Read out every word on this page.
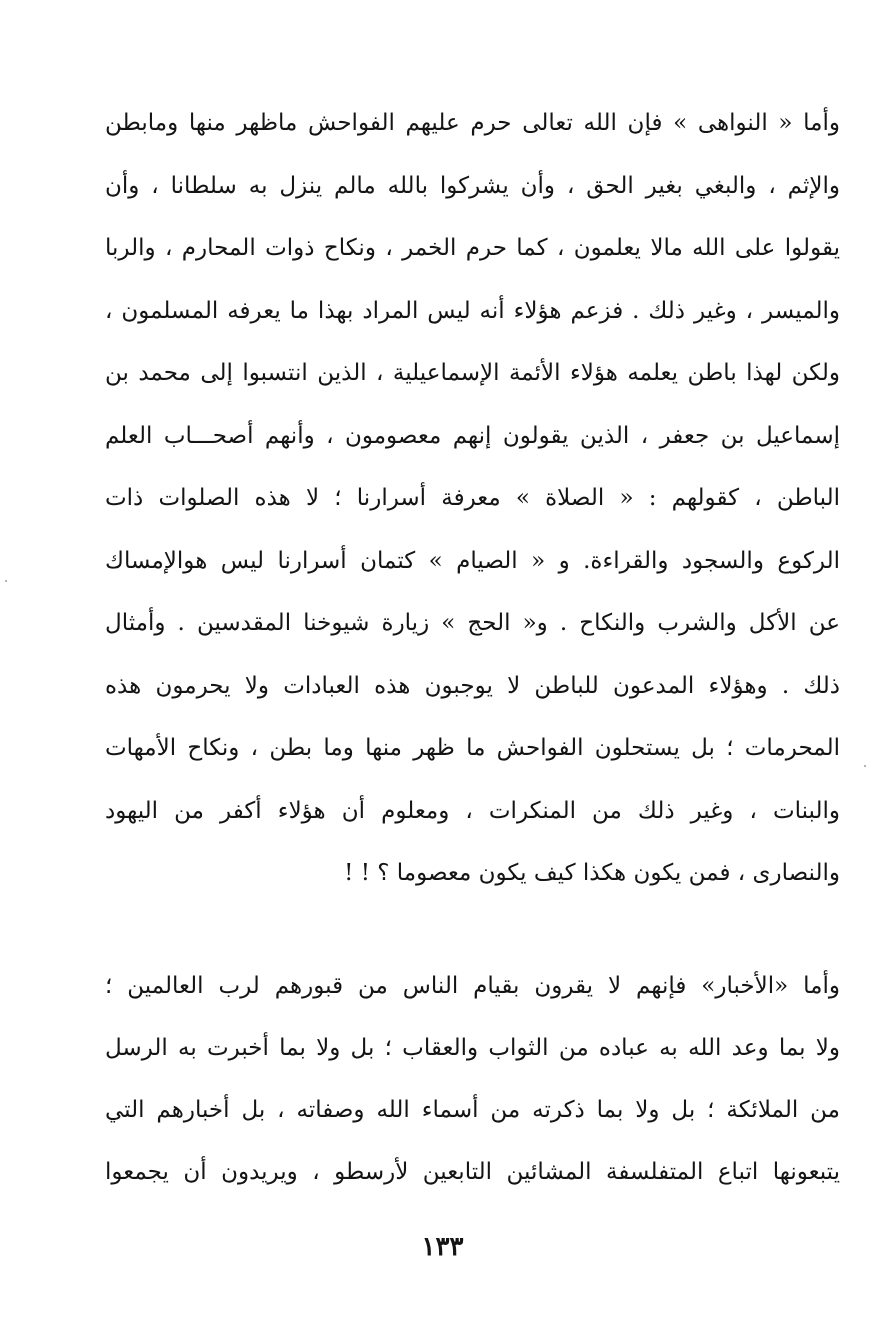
وأما « النواهى » فإن الله تعالى حرم عليهم الفواحش ماظهر منها ومابطن
والإثم ، والبغي بغير الحق ، وأن يشركوا بالله مالم ينزل به سلطانا ، وأن
يقولوا على الله مالا يعلمون ، كما حرم الخمر ، ونكاح ذوات المحارم ، والربا
والميسر ، وغير ذلك . فزعم هؤلاء أنه ليس المراد بهذا ما يعرفه المسلمون ،
ولكن لهذا باطن يعلمه هؤلاء الأئمة الإسماعيلية ، الذين انتسبوا إلى محمد بن
إسماعيل بن جعفر ، الذين يقولون إنهم معصومون ، وأنهم أصحـــاب العلم
الباطن ، كقولهم : « الصلاة » معرفة أسرارنا ؛ لا هذه الصلوات ذات
الركوع والسجود والقراءة. و « الصيام » كتمان أسرارنا ليس هوالإمساك
عن الأكل والشرب والنكاح . و« الحج » زيارة شيوخنا المقدسين . وأمثال
ذلك . وهؤلاء المدعون للباطن لا يوجبون هذه العبادات ولا يحرمون هذه
المحرمات ؛ بل يستحلون الفواحش ما ظهر منها وما بطن ، ونكاح الأمهات
والبنات ، وغير ذلك من المنكرات ، ومعلوم أن هؤلاء أكفر من اليهود
والنصارى ، فمن يكون هكذا كيف يكون معصوما ؟ ! !
وأما «الأخبار» فإنهم لا يقرون بقيام الناس من قبورهم لرب العالمين ؛
ولا بما وعد الله به عباده من الثواب والعقاب ؛ بل ولا بما أخبرت به الرسل
من الملائكة ؛ بل ولا بما ذكرته من أسماء الله وصفاته ، بل أخبارهم التي
يتبعونها اتباع المتفلسفة المشائين التابعين لأرسطو ، ويريدون أن يجمعوا
١٣٣
